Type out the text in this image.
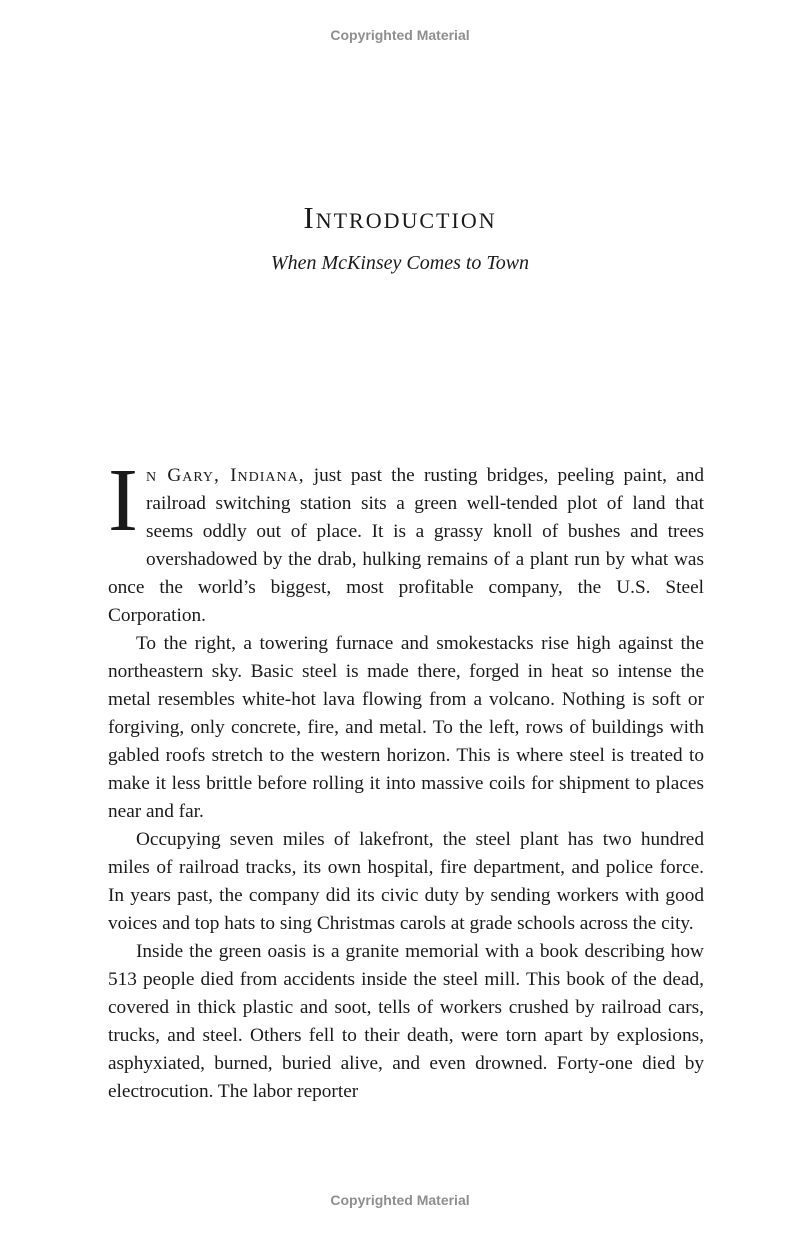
Copyrighted Material
Introduction
When McKinsey Comes to Town

In Gary, Indiana, just past the rusting bridges, peeling paint, and railroad switching station sits a green well-tended plot of land that seems oddly out of place. It is a grassy knoll of bushes and trees overshadowed by the drab, hulking remains of a plant run by what was once the world’s biggest, most profitable company, the U.S. Steel Corporation.

To the right, a towering furnace and smokestacks rise high against the northeastern sky. Basic steel is made there, forged in heat so intense the metal resembles white-hot lava flowing from a volcano. Nothing is soft or forgiving, only concrete, fire, and metal. To the left, rows of buildings with gabled roofs stretch to the western horizon. This is where steel is treated to make it less brittle before rolling it into massive coils for shipment to places near and far.

Occupying seven miles of lakefront, the steel plant has two hundred miles of railroad tracks, its own hospital, fire department, and police force. In years past, the company did its civic duty by sending workers with good voices and top hats to sing Christmas carols at grade schools across the city.

Inside the green oasis is a granite memorial with a book describing how 513 people died from accidents inside the steel mill. This book of the dead, covered in thick plastic and soot, tells of workers crushed by railroad cars, trucks, and steel. Others fell to their death, were torn apart by explosions, asphyxiated, burned, buried alive, and even drowned. Forty-one died by electrocution. The labor reporter

Copyrighted Material
